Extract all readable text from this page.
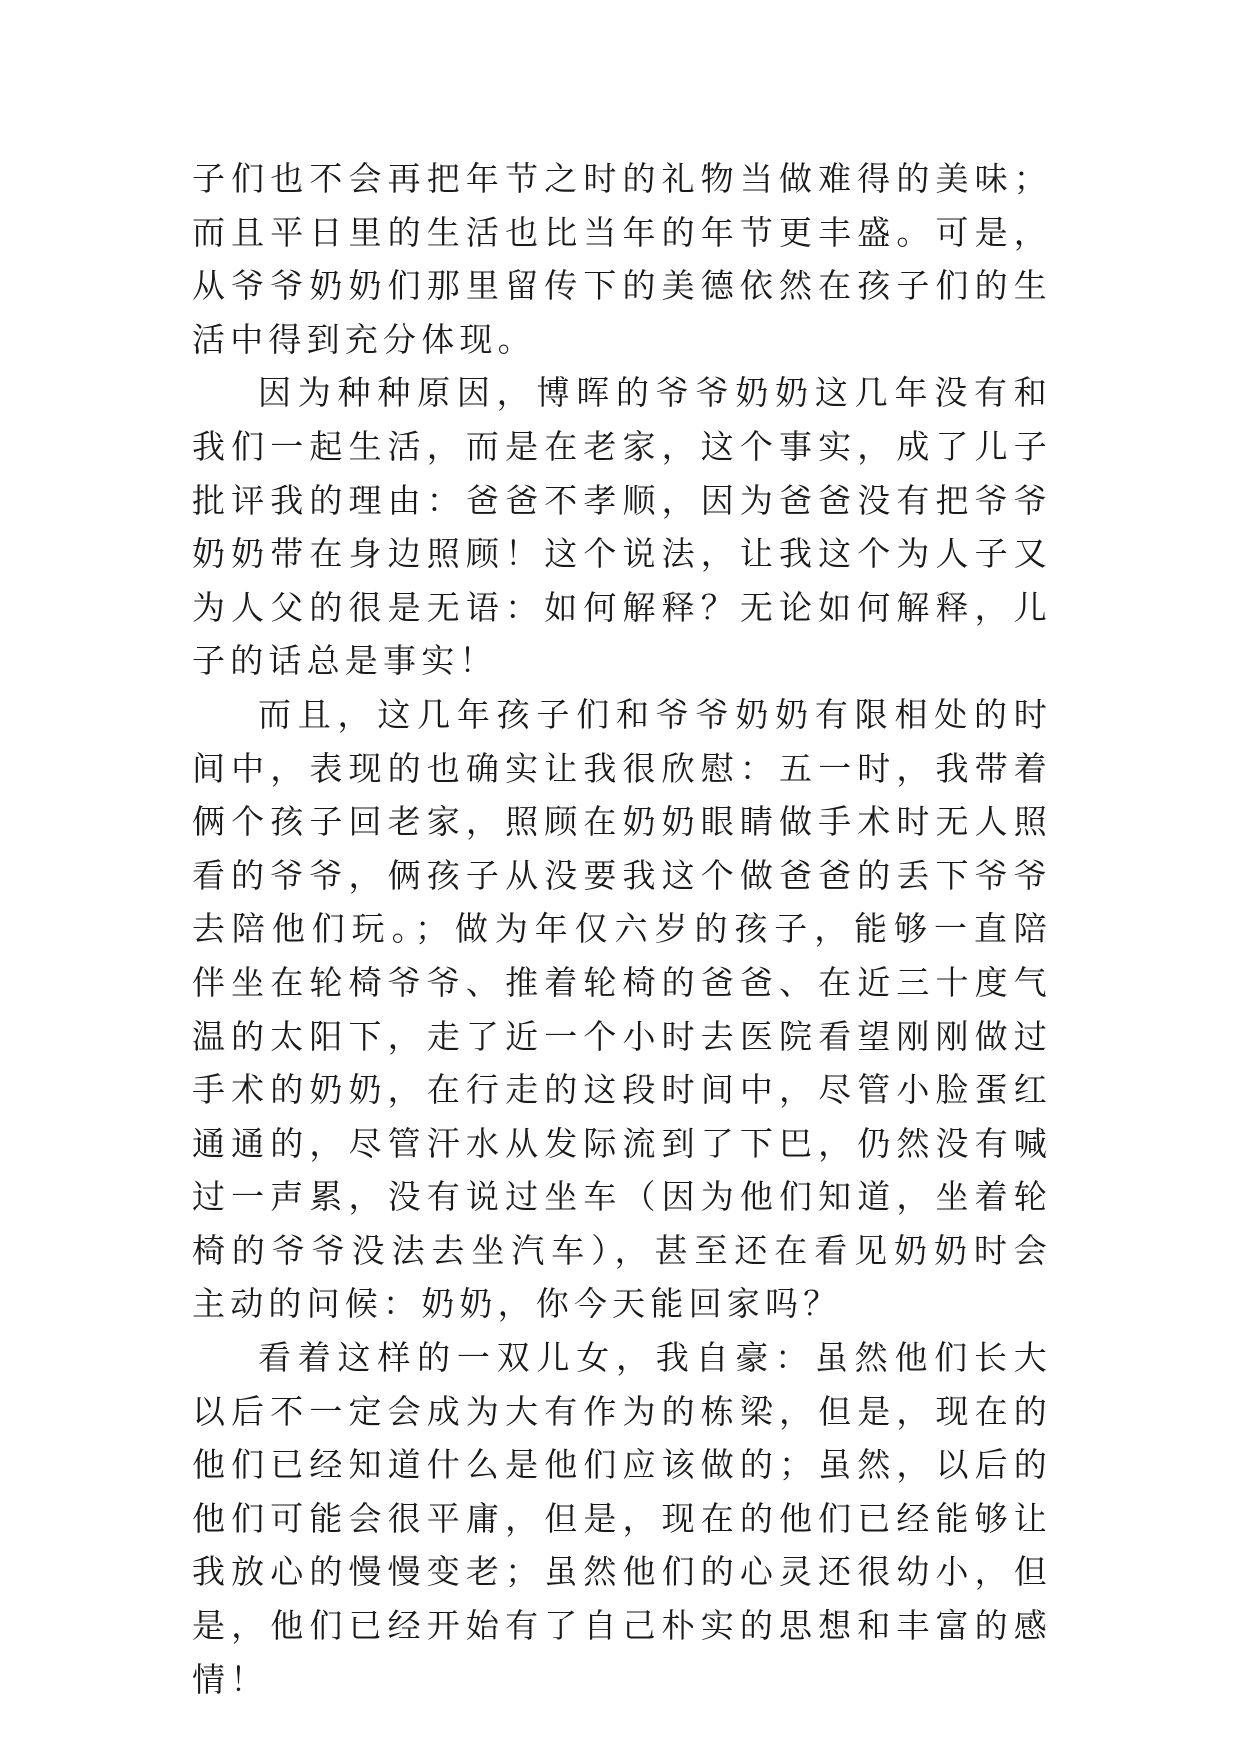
子们也不会再把年节之时的礼物当做难得的美味；而且平日里的生活也比当年的年节更丰盛。可是，从爷爷奶奶们那里留传下的美德依然在孩子们的生活中得到充分体现。

因为种种原因，博晖的爷爷奶奶这几年没有和我们一起生活，而是在老家，这个事实，成了儿子批评我的理由：爸爸不孝顺，因为爸爸没有把爷爷奶奶带在身边照顾！这个说法，让我这个为人子又为人父的很是无语：如何解释？无论如何解释，儿子的话总是事实！

而且，这几年孩子们和爷爷奶奶有限相处的时间中，表现的也确实让我很欣慰：五一时，我带着俩个孩子回老家，照顾在奶奶眼睛做手术时无人照看的爷爷，俩孩子从没要我这个做爸爸的丢下爷爷去陪他们玩。；做为年仅六岁的孩子，能够一直陪伴坐在轮椅爷爷、推着轮椅的爸爸、在近三十度气温的太阳下，走了近一个小时去医院看望刚刚做过手术的奶奶，在行走的这段时间中，尽管小脸蛋红通通的，尽管汗水从发际流到了下巴，仍然没有喊过一声累，没有说过坐车（因为他们知道，坐着轮椅的爷爷没法去坐汽车），甚至还在看见奶奶时会主动的问候：奶奶，你今天能回家吗？

看着这样的一双儿女，我自豪：虽然他们长大以后不一定会成为大有作为的栋梁，但是，现在的他们已经知道什么是他们应该做的；虽然，以后的他们可能会很平庸，但是，现在的他们已经能够让我放心的慢慢变老；虽然他们的心灵还很幼小，但是，他们已经开始有了自己朴实的思想和丰富的感情！
